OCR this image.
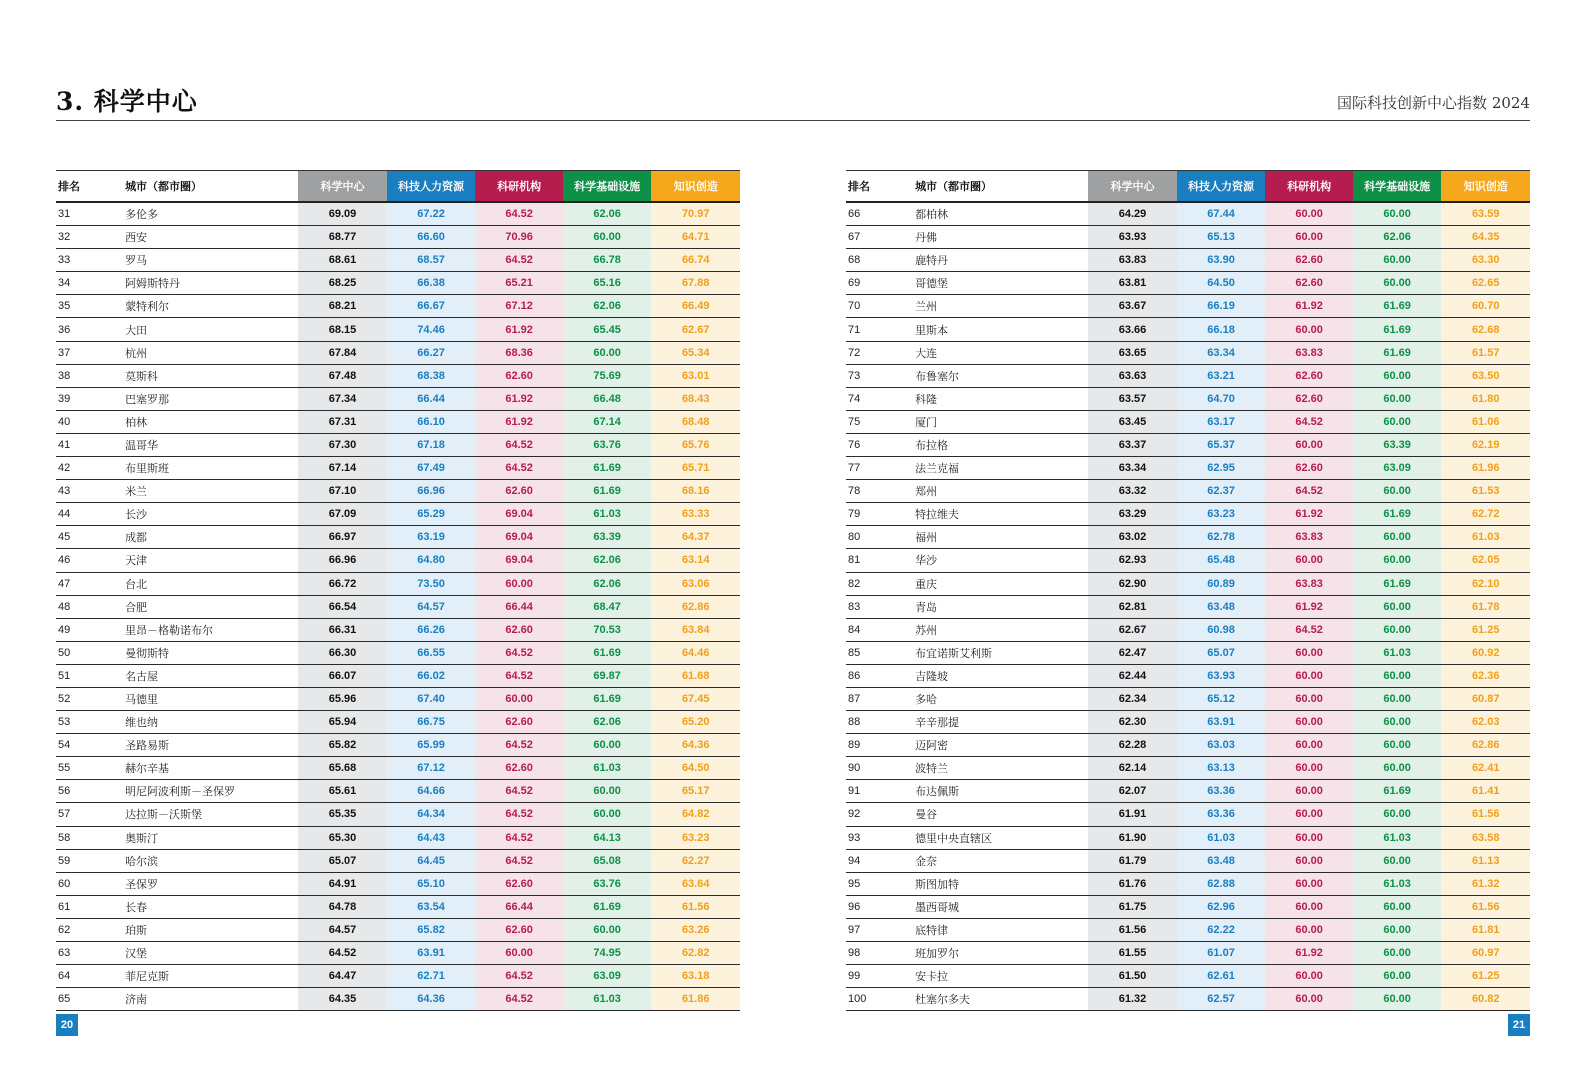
3. 科学中心	国际科技创新中心指数 2024
排名	城市（都市圈）	科学中心	科技人力资源	科研机构	科学基础设施	知识创造
31	多伦多	69.09	67.22	64.52	62.06	70.97
32	西安	68.77	66.60	70.96	60.00	64.71
33	罗马	68.61	68.57	64.52	66.78	66.74
34	阿姆斯特丹	68.25	66.38	65.21	65.16	67.88
35	蒙特利尔	68.21	66.67	67.12	62.06	66.49
36	大田	68.15	74.46	61.92	65.45	62.67
37	杭州	67.84	66.27	68.36	60.00	65.34
38	莫斯科	67.48	68.38	62.60	75.69	63.01
39	巴塞罗那	67.34	66.44	61.92	66.48	68.43
40	柏林	67.31	66.10	61.92	67.14	68.48
41	温哥华	67.30	67.18	64.52	63.76	65.76
42	布里斯班	67.14	67.49	64.52	61.69	65.71
43	米兰	67.10	66.96	62.60	61.69	68.16
44	长沙	67.09	65.29	69.04	61.03	63.33
45	成都	66.97	63.19	69.04	63.39	64.37
46	天津	66.96	64.80	69.04	62.06	63.14
47	台北	66.72	73.50	60.00	62.06	63.06
48	合肥	66.54	64.57	66.44	68.47	62.86
49	里昂－格勒诺布尔	66.31	66.26	62.60	70.53	63.84
50	曼彻斯特	66.30	66.55	64.52	61.69	64.46
51	名古屋	66.07	66.02	64.52	69.87	61.68
52	马德里	65.96	67.40	60.00	61.69	67.45
53	维也纳	65.94	66.75	62.60	62.06	65.20
54	圣路易斯	65.82	65.99	64.52	60.00	64.36
55	赫尔辛基	65.68	67.12	62.60	61.03	64.50
56	明尼阿波利斯－圣保罗	65.61	64.66	64.52	60.00	65.17
57	达拉斯－沃斯堡	65.35	64.34	64.52	60.00	64.82
58	奥斯汀	65.30	64.43	64.52	64.13	63.23
59	哈尔滨	65.07	64.45	64.52	65.08	62.27
60	圣保罗	64.91	65.10	62.60	63.76	63.64
61	长春	64.78	63.54	66.44	61.69	61.56
62	珀斯	64.57	65.82	62.60	60.00	63.26
63	汉堡	64.52	63.91	60.00	74.95	62.82
64	菲尼克斯	64.47	62.71	64.52	63.09	63.18
65	济南	64.35	64.36	64.52	61.03	61.86
排名	城市（都市圈）	科学中心	科技人力资源	科研机构	科学基础设施	知识创造
66	都柏林	64.29	67.44	60.00	60.00	63.59
67	丹佛	63.93	65.13	60.00	62.06	64.35
68	鹿特丹	63.83	63.90	62.60	60.00	63.30
69	哥德堡	63.81	64.50	62.60	60.00	62.65
70	兰州	63.67	66.19	61.92	61.69	60.70
71	里斯本	63.66	66.18	60.00	61.69	62.68
72	大连	63.65	63.34	63.83	61.69	61.57
73	布鲁塞尔	63.63	63.21	62.60	60.00	63.50
74	科隆	63.57	64.70	62.60	60.00	61.80
75	厦门	63.45	63.17	64.52	60.00	61.06
76	布拉格	63.37	65.37	60.00	63.39	62.19
77	法兰克福	63.34	62.95	62.60	63.09	61.96
78	郑州	63.32	62.37	64.52	60.00	61.53
79	特拉维夫	63.29	63.23	61.92	61.69	62.72
80	福州	63.02	62.78	63.83	60.00	61.03
81	华沙	62.93	65.48	60.00	60.00	62.05
82	重庆	62.90	60.89	63.83	61.69	62.10
83	青岛	62.81	63.48	61.92	60.00	61.78
84	苏州	62.67	60.98	64.52	60.00	61.25
85	布宜诺斯艾利斯	62.47	65.07	60.00	61.03	60.92
86	吉隆坡	62.44	63.93	60.00	60.00	62.36
87	多哈	62.34	65.12	60.00	60.00	60.87
88	辛辛那提	62.30	63.91	60.00	60.00	62.03
89	迈阿密	62.28	63.03	60.00	60.00	62.86
90	波特兰	62.14	63.13	60.00	60.00	62.41
91	布达佩斯	62.07	63.36	60.00	61.69	61.41
92	曼谷	61.91	63.36	60.00	60.00	61.56
93	德里中央直辖区	61.90	61.03	60.00	61.03	63.58
94	金奈	61.79	63.48	60.00	60.00	61.13
95	斯图加特	61.76	62.88	60.00	61.03	61.32
96	墨西哥城	61.75	62.96	60.00	60.00	61.56
97	底特律	61.56	62.22	60.00	60.00	61.81
98	班加罗尔	61.55	61.07	61.92	60.00	60.97
99	安卡拉	61.50	62.61	60.00	60.00	61.25
100	杜塞尔多夫	61.32	62.57	60.00	60.00	60.82
20	21
